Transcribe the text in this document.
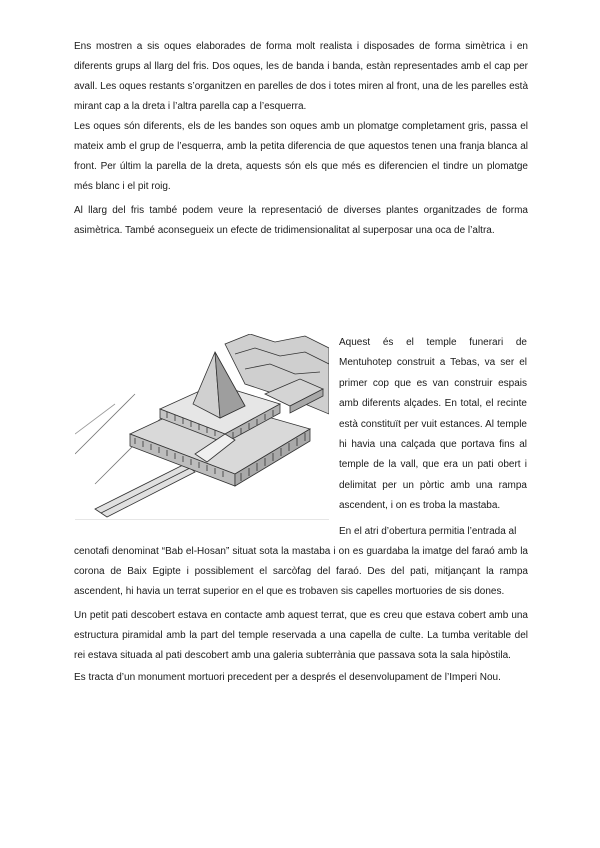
Ens mostren a sis oques elaborades de forma molt realista i disposades de forma simètrica i en diferents grups al llarg del fris. Dos oques, les de banda i banda, estàn representades amb el cap per avall. Les oques restants s’organitzen en parelles de dos i totes miren al front, una de les parelles està mirant cap a la dreta i l’altra parella cap a l’esquerra.

Les oques són diferents, els de les bandes son oques amb un plomatge completament gris, passa el mateix amb el grup de l’esquerra, amb la petita diferencia de que aquestos tenen una franja blanca al front. Per últim la parella de la dreta, aquests són els que més es diferencien el tindre un plomatge més blanc i el pit roig.

Al llarg del fris també podem veure la representació de diverses plantes organitzades de forma asimètrica. També aconsegueix un efecte de tridimensionalitat al superposar una oca de l’altra.

Aquest és el temple funerari de Mentuhotep construit a Tebas, va ser el primer cop que es van construir espais amb diferents alçades. En total, el recinte està constituït per vuit estances. Al temple hi havia una calçada que portava fins al temple de la vall, que era un pati obert i delimitat per un pòrtic amb una rampa ascendent, i on es troba la mastaba.

En el atri d’obertura permitia l’entrada al

cenotafi denominat “Bab el-Hosan” situat sota la mastaba i on es guardaba la imatge del faraó amb la corona de Baix Egipte i possiblement el sarcòfag del faraó. Des del pati, mitjançant la rampa ascendent, hi havia un terrat superior en el que es trobaven sis capelles mortuories de sis dones.

Un petit pati descobert estava en contacte amb aquest terrat, que es creu que estava cobert amb una estructura piramidal amb la part del temple reservada a una capella de culte. La tumba veritable del rei estava situada al pati descobert amb una galeria subterrània que passava sota la sala hipòstila.

Es tracta d’un monument mortuori precedent per a després el desenvolupament de l’Imperi Nou.
